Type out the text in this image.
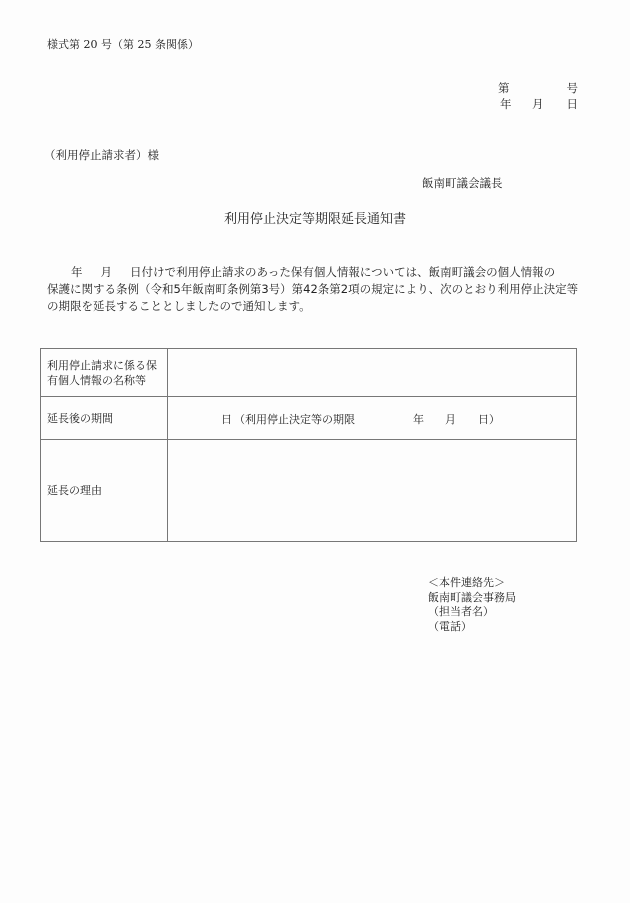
様式第 20 号（第 25 条関係）
第	号
年 月 日
（利用停止請求者）様
飯南町議会議長
利用停止決定等期限延長通知書
年 月 日付けで利用停止請求のあった保有個人情報については、飯南町議会の個人情報の
保護に関する条例（令和5年飯南町条例第3号）第42条第2項の規定により、次のとおり利用停止決定等
の期限を延長することとしましたので通知します。
利用停止請求に係る保有個人情報の名称等	
延長後の期間	日 （利用停止決定等の期限 年 月 日）

延長の理由	
＜本件連絡先＞
飯南町議会事務局
（担当者名）
（電話）
